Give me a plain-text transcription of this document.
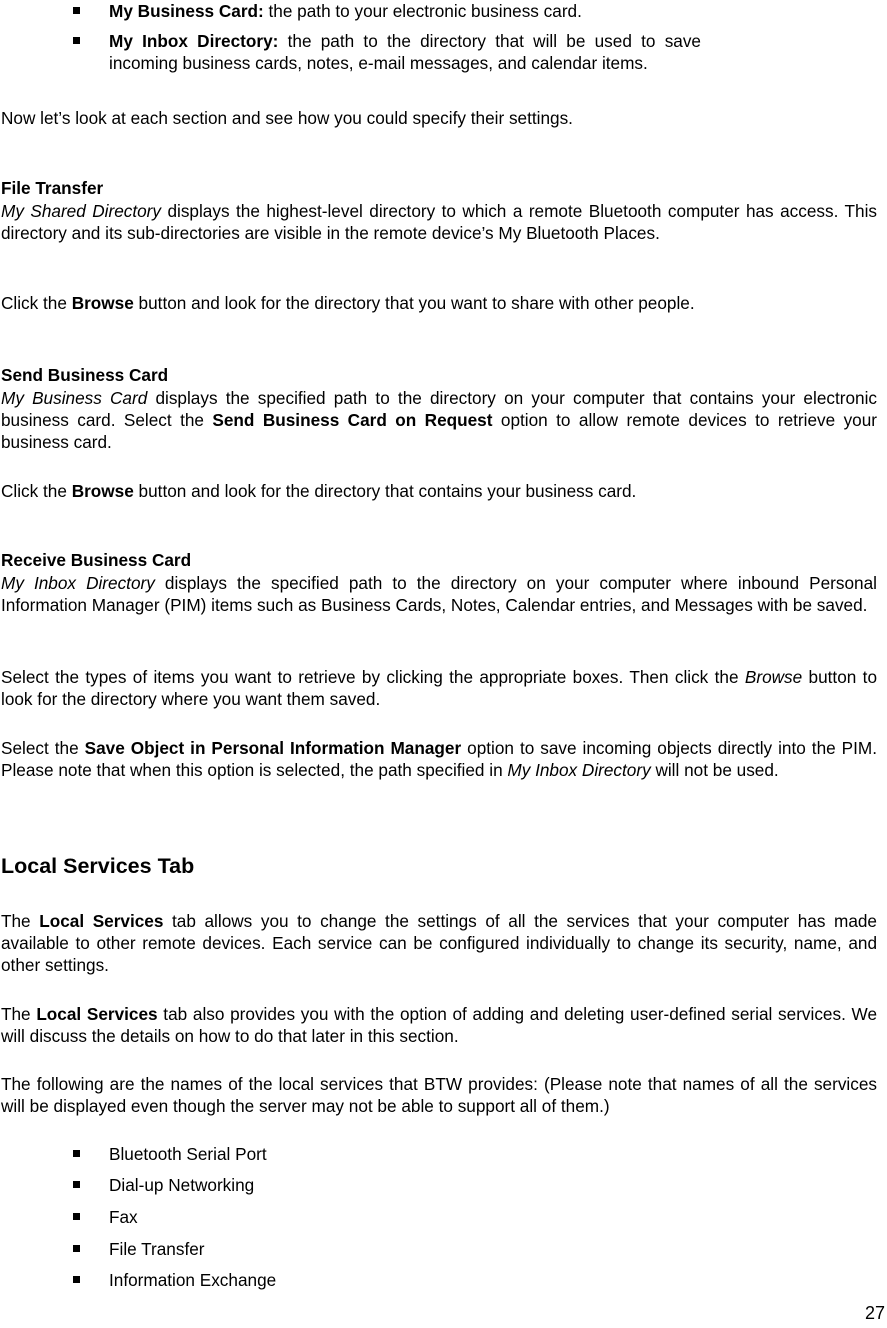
My Business Card: the path to your electronic business card.
My Inbox Directory: the path to the directory that will be used to save incoming business cards, notes, e-mail messages, and calendar items.

Now let’s look at each section and see how you could specify their settings.

File Transfer

My Shared Directory displays the highest-level directory to which a remote Bluetooth computer has access. This directory and its sub-directories are visible in the remote device’s My Bluetooth Places.

Click the Browse button and look for the directory that you want to share with other people.

Send Business Card

My Business Card displays the specified path to the directory on your computer that contains your electronic business card. Select the Send Business Card on Request option to allow remote devices to retrieve your business card.

Click the Browse button and look for the directory that contains your business card.

Receive Business Card

My Inbox Directory displays the specified path to the directory on your computer where inbound Personal Information Manager (PIM) items such as Business Cards, Notes, Calendar entries, and Messages with be saved.

Select the types of items you want to retrieve by clicking the appropriate boxes. Then click the Browse button to look for the directory where you want them saved.

Select the Save Object in Personal Information Manager option to save incoming objects directly into the PIM. Please note that when this option is selected, the path specified in My Inbox Directory will not be used.

Local Services Tab

The Local Services tab allows you to change the settings of all the services that your computer has made available to other remote devices. Each service can be configured individually to change its security, name, and other settings.

The Local Services tab also provides you with the option of adding and deleting user-defined serial services. We will discuss the details on how to do that later in this section.

The following are the names of the local services that BTW provides: (Please note that names of all the services will be displayed even though the server may not be able to support all of them.)

Bluetooth Serial Port
Dial-up Networking
Fax
File Transfer
Information Exchange
27
